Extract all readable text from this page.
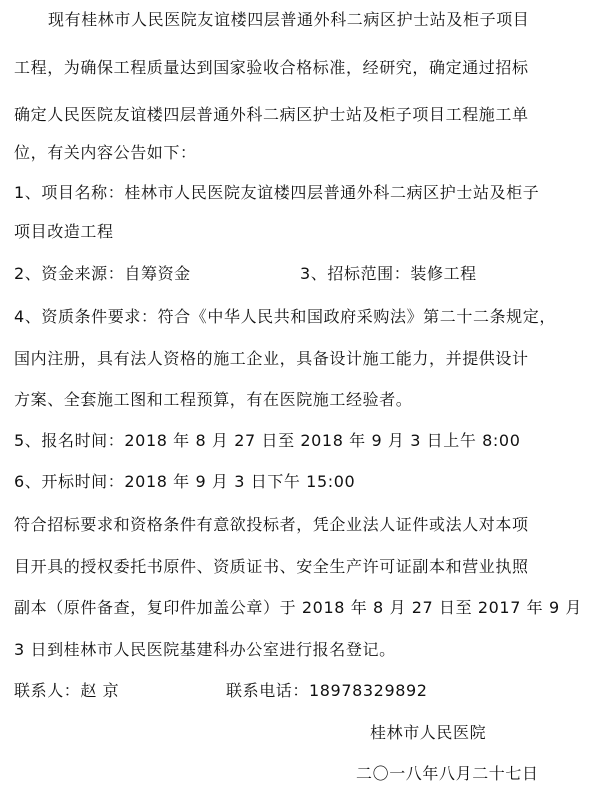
现有桂林市人民医院友谊楼四层普通外科二病区护士站及柜子项目
工程，为确保工程质量达到国家验收合格标准，经研究，确定通过招标
确定人民医院友谊楼四层普通外科二病区护士站及柜子项目工程施工单
位，有关内容公告如下：
1、项目名称：桂林市人民医院友谊楼四层普通外科二病区护士站及柜子
项目改造工程
2、资金来源：自筹资金	3、招标范围：装修工程
4、资质条件要求：符合《中华人民共和国政府采购法》第二十二条规定，
国内注册，具有法人资格的施工企业，具备设计施工能力，并提供设计
方案、全套施工图和工程预算，有在医院施工经验者。
5、报名时间：2018 年 8 月 27 日至 2018 年 9 月 3 日上午 8:00
6、开标时间：2018 年 9 月 3 日下午 15:00
符合招标要求和资格条件有意欲投标者，凭企业法人证件或法人对本项
目开具的授权委托书原件、资质证书、安全生产许可证副本和营业执照
副本（原件备查，复印件加盖公章）于 2018 年 8 月 27 日至 2017 年 9 月
3 日到桂林市人民医院基建科办公室进行报名登记。
联系人：赵 京	联系电话：18978329892
桂林市人民医院
二〇一八年八月二十七日
